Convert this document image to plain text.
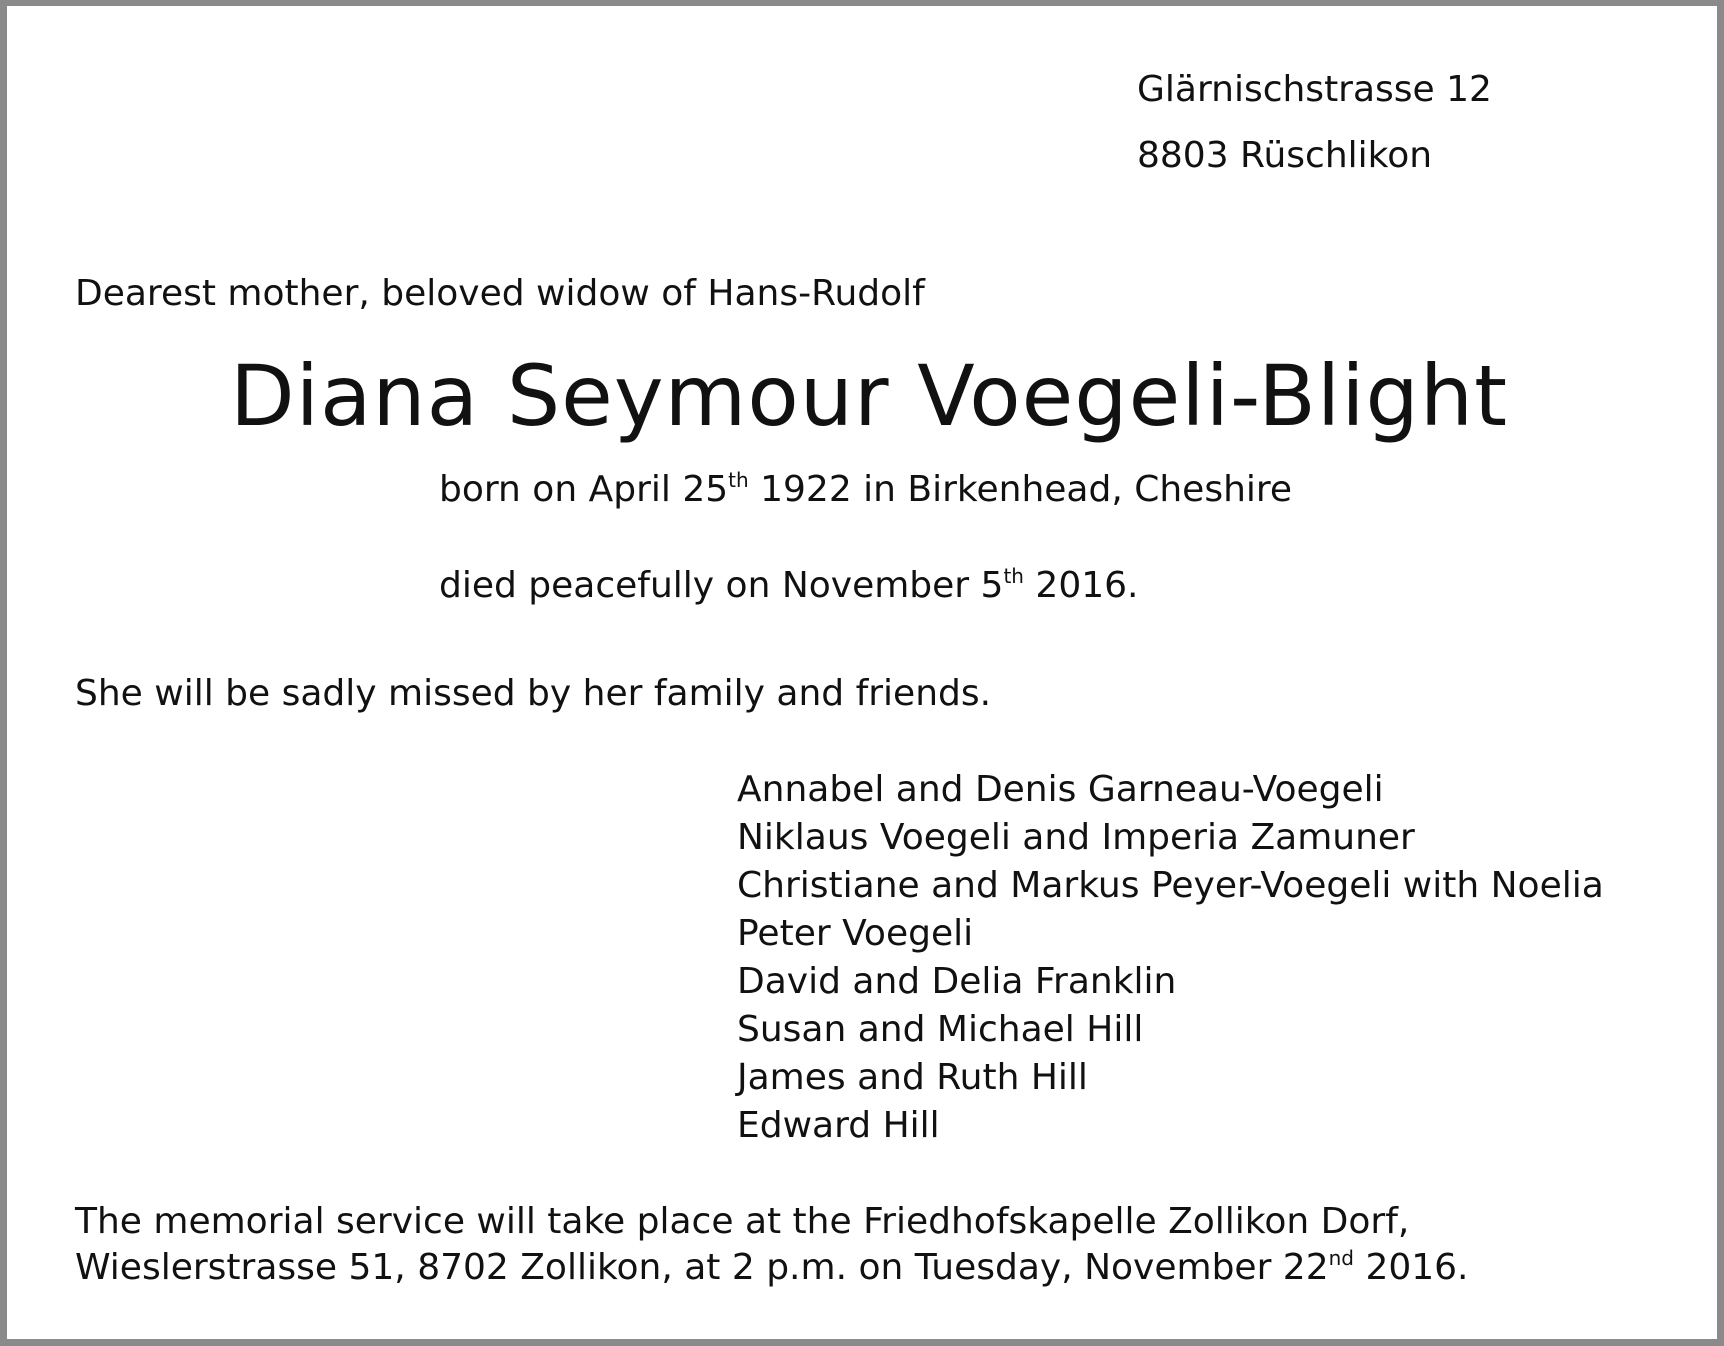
Glärnischstrasse 12
8803 Rüschlikon
Dearest mother, beloved widow of Hans-Rudolf
Diana Seymour Voegeli-Blight
born on April 25th 1922 in Birkenhead, Cheshire
died peacefully on November 5th 2016.
She will be sadly missed by her family and friends.
Annabel and Denis Garneau-Voegeli
Niklaus Voegeli and Imperia Zamuner
Christiane and Markus Peyer-Voegeli with Noelia
Peter Voegeli
David and Delia Franklin
Susan and Michael Hill
James and Ruth Hill
Edward Hill
The memorial service will take place at the Friedhofskapelle Zollikon Dorf,
Wieslerstrasse 51, 8702 Zollikon, at 2 p.m. on Tuesday, November 22nd 2016.
